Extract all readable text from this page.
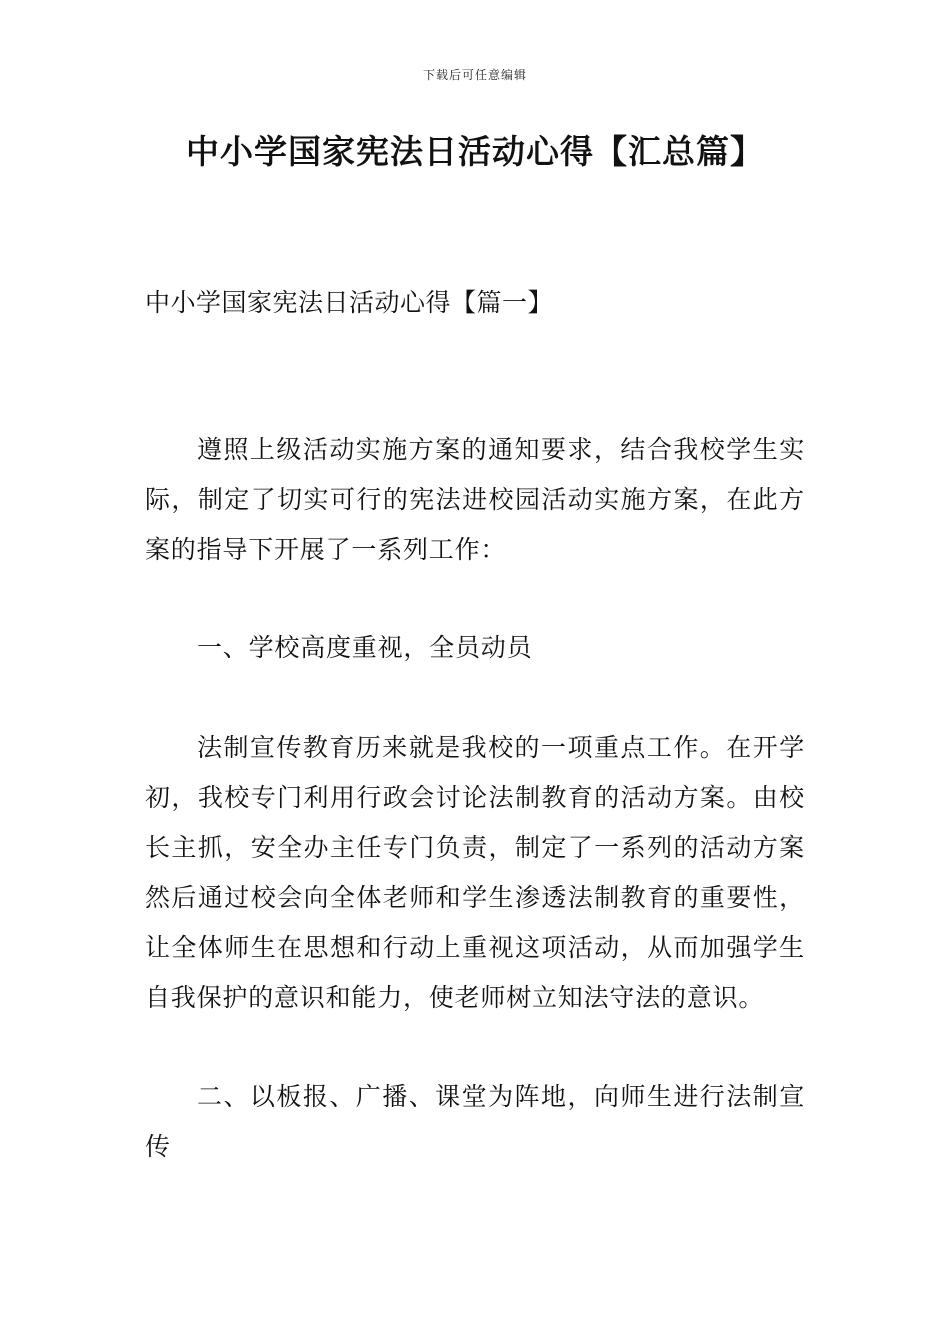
下载后可任意编辑
中小学国家宪法日活动心得【汇总篇】
中小学国家宪法日活动心得【篇一】

遵照上级活动实施方案的通知要求，结合我校学生实际，制定了切实可行的宪法进校园活动实施方案，在此方案的指导下开展了一系列工作：

一、学校高度重视，全员动员

法制宣传教育历来就是我校的一项重点工作。在开学初，我校专门利用行政会讨论法制教育的活动方案。由校长主抓，安全办主任专门负责，制定了一系列的活动方案然后通过校会向全体老师和学生渗透法制教育的重要性，让全体师生在思想和行动上重视这项活动，从而加强学生自我保护的意识和能力，使老师树立知法守法的意识。

二、以板报、广播、课堂为阵地，向师生进行法制宣传
